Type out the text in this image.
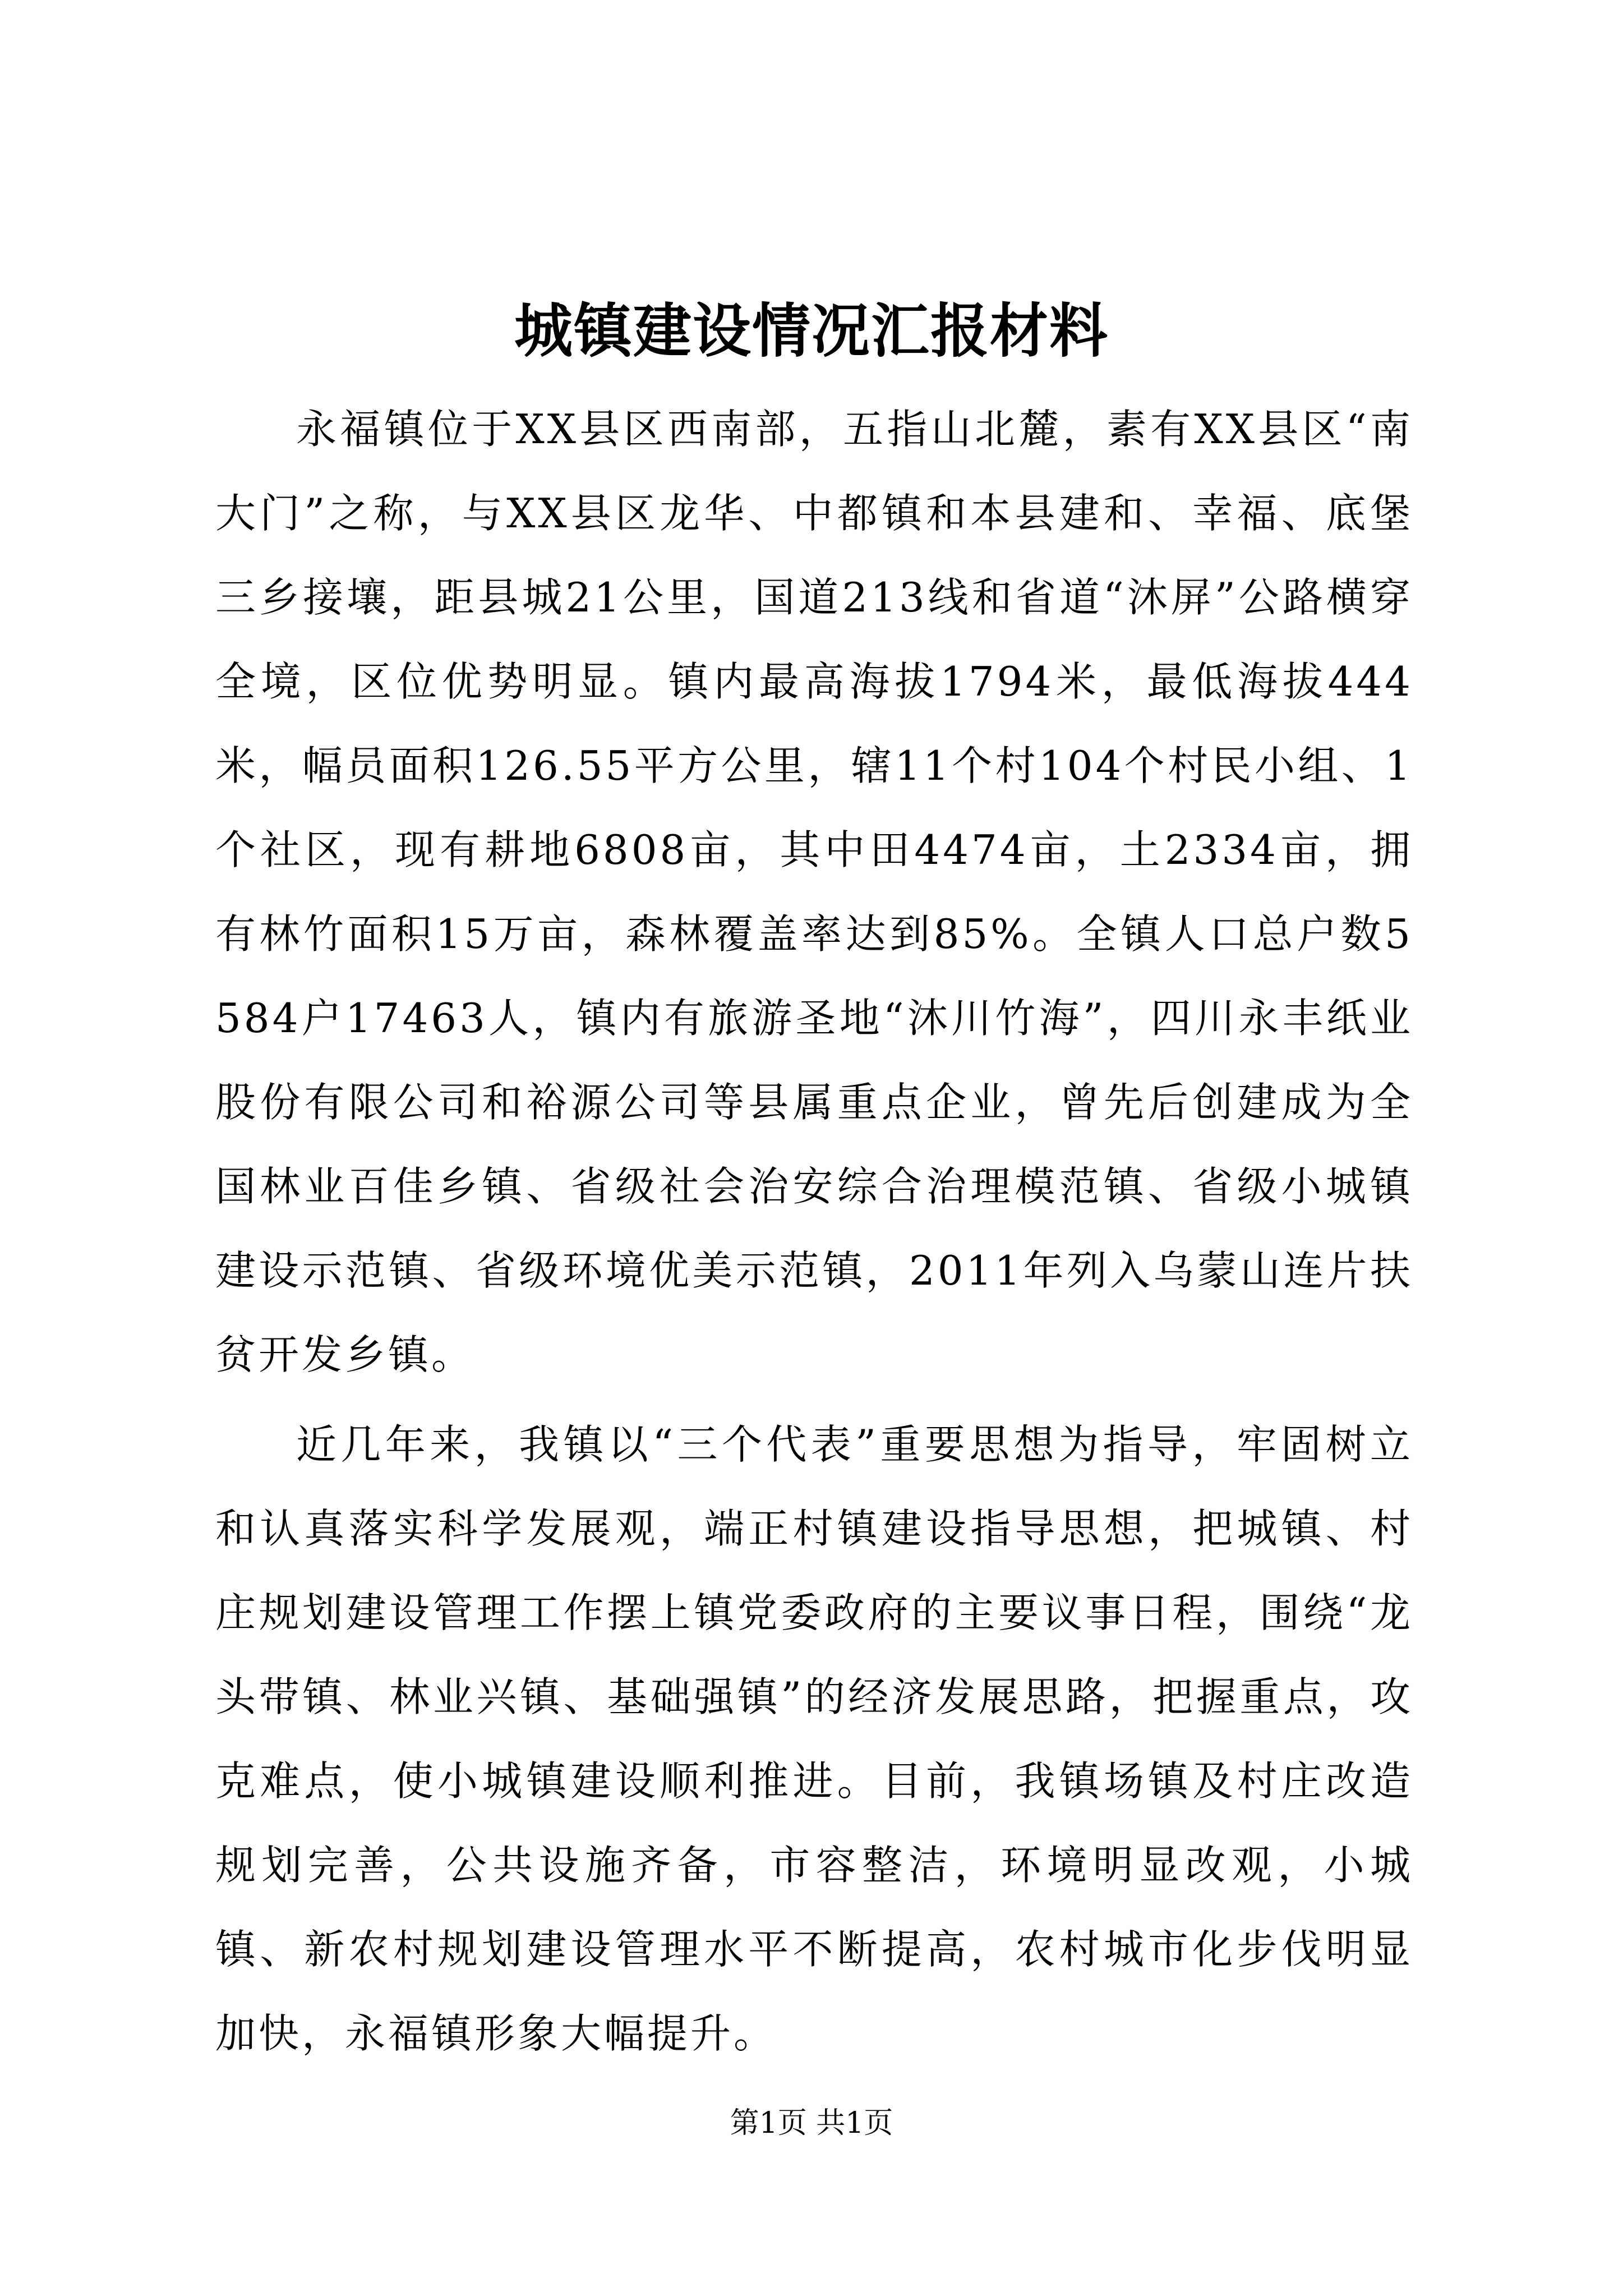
城镇建设情况汇报材料

永福镇位于XX县区西南部，五指山北麓，素有XX县区“南大门”之称，与XX县区龙华、中都镇和本县建和、幸福、底堡三乡接壤，距县城21公里，国道213线和省道“沐屏”公路横穿全境，区位优势明显。镇内最高海拔1794米，最低海拔444米，幅员面积126.55平方公里，辖11个村104个村民小组、1个社区，现有耕地6808亩，其中田4474亩，土2334亩，拥有林竹面积15万亩，森林覆盖率达到85%。全镇人口总户数5584户17463人，镇内有旅游圣地“沐川竹海”，四川永丰纸业股份有限公司和裕源公司等县属重点企业，曾先后创建成为全国林业百佳乡镇、省级社会治安综合治理模范镇、省级小城镇建设示范镇、省级环境优美示范镇，2011年列入乌蒙山连片扶贫开发乡镇。

近几年来，我镇以“三个代表”重要思想为指导，牢固树立和认真落实科学发展观，端正村镇建设指导思想，把城镇、村庄规划建设管理工作摆上镇党委政府的主要议事日程，围绕“龙头带镇、林业兴镇、基础强镇”的经济发展思路，把握重点，攻克难点，使小城镇建设顺利推进。目前，我镇场镇及村庄改造规划完善，公共设施齐备，市容整洁，环境明显改观，小城镇、新农村规划建设管理水平不断提高，农村城市化步伐明显加快，永福镇形象大幅提升。

第1页 共1页
